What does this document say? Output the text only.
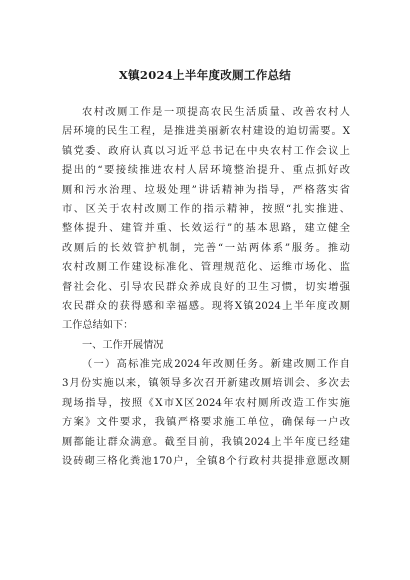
X镇2024上半年度改厕工作总结
农村改厕工作是一项提高农民生活质量、改善农村人
居环境的民生工程，是推进美丽新农村建设的迫切需要。X
镇党委、政府认真以习近平总书记在中央农村工作会议上
提出的“要接续推进农村人居环境整治提升、重点抓好改
厕和污水治理、垃圾处理”讲话精神为指导，严格落实省
市、区关于农村改厕工作的指示精神，按照“扎实推进、
整体提升、建管并重、长效运行”的基本思路，建立健全
改厕后的长效管护机制，完善“一站两体系”服务。推动
农村改厕工作建设标准化、管理规范化、运维市场化、监
督社会化、引导农民群众养成良好的卫生习惯，切实增强
农民群众的获得感和幸福感。现将X镇2024上半年度改厕
工作总结如下：
一、工作开展情况
（一）高标准完成2024年改厕任务。新建改厕工作自
3月份实施以来，镇领导多次召开新建改厕培训会、多次去
现场指导，按照《X市X区2024年农村厕所改造工作实施
方案》文件要求，我镇严格要求施工单位，确保每一户改
厕都能让群众满意。截至目前，我镇2024上半年度已经建
设砖砌三格化粪池170户，全镇8个行政村共提排意愿改厕
